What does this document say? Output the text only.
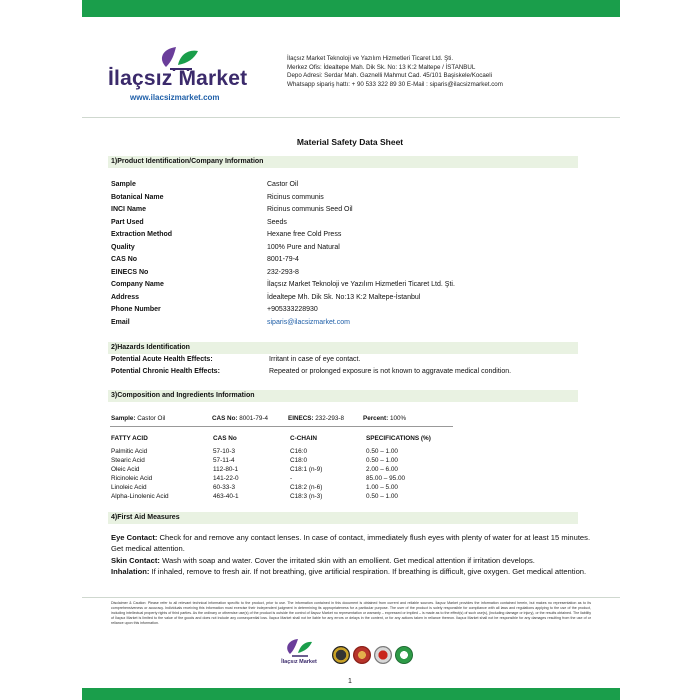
İlaçsız Market
www.ilacsizmarket.com
İlaçsız Market Teknoloji ve Yazılım Hizmetleri Ticaret Ltd. Şti.
Merkez Ofis: İdealtepe Mah. Dik Sk. No: 13 K:2 Maltepe / İSTANBUL
Depo Adresi: Serdar Mah. Gaznelli Mahmut Cad. 45/101 Başiskele/Kocaeli
Whatsapp sipariş hattı: + 90 533 322 89 30 E-Mail : siparis@ilacsizmarket.com
Material Safety Data Sheet
1)Product Identification/Company Information
Sample	Castor Oil
Botanical Name	Ricinus communis
INCI Name	Ricinus communis Seed Oil
Part Used	Seeds
Extraction Method	Hexane free Cold Press
Quality	100% Pure and Natural
CAS No	8001-79-4
EINECS No	232-293-8
Company Name	İlaçsız Market Teknoloji ve Yazılım Hizmetleri Ticaret Ltd. Şti.
Address	İdealtepe Mh. Dik Sk. No:13 K:2 Maltepe-İstanbul
Phone Number	+905333228930
Email	siparis@ilacsizmarket.com
2)Hazards Identification
Potential Acute Health Effects:	Irritant in case of eye contact.
Potential Chronic Health Effects:	Repeated or prolonged exposure is not known to aggravate medical condition.
3)Composition and Ingredients Information
Sample: Castor Oil	CAS No: 8001-79-4	EINECS: 232-293-8	Percent: 100%
FATTY ACID	CAS No	C-CHAIN	SPECIFICATIONS (%)
Palmitic Acid	57-10-3	C16:0	0.50 – 1.00
Stearic Acid	57-11-4	C18:0	0.50 – 1.00
Oleic Acid	112-80-1	C18:1 (n-9)	2.00 – 6.00
Ricinoleic Acid	141-22-0	-	85.00 – 95.00
Linoleic Acid	60-33-3	C18:2 (n-6)	1.00 – 5.00
Alpha-Linolenic Acid	463-40-1	C18:3 (n-3)	0.50 – 1.00
4)First Aid Measures

Eye Contact: Check for and remove any contact lenses. In case of contact, immediately flush eyes with plenty of water for at least 15 minutes. Get medical attention.

Skin Contact: Wash with soap and water. Cover the irritated skin with an emollient. Get medical attention if irritation develops.

Inhalation: If inhaled, remove to fresh air. If not breathing, give artificial respiration. If breathing is difficult, give oxygen. Get medical attention.

Disclaimer & Caution: Please refer to all relevant technical information specific to the product, prior to use. The information contained in this document is obtained from current and reliable sources. İlaçsız Market provides the information contained herein, but makes no representation as to its comprehensiveness or accuracy. Individuals receiving this information must exercise their independent judgment in determining its appropriateness for a particular purpose. The user of the product is solely responsible for compliance with all laws and regulations applying to the use of the product, including intellectual property rights of third parties. As the ordinary or otherwise use(s) of the product is outside the control of İlaçsız Market no representation or warranty – expressed or implied – is made as to the effect(s) of such use(s), (including damage or injury), or the results obtained. The liability of İlaçsız Market is limited to the value of the goods and does not include any consequential loss. İlaçsız Market shall not be liable for any errors or delays in the content, or for any actions taken in reliance thereon. İlaçsız Market shall not be responsible for any damages resulting from the use of or reliance upon this information.
İlaçsız Market
1
